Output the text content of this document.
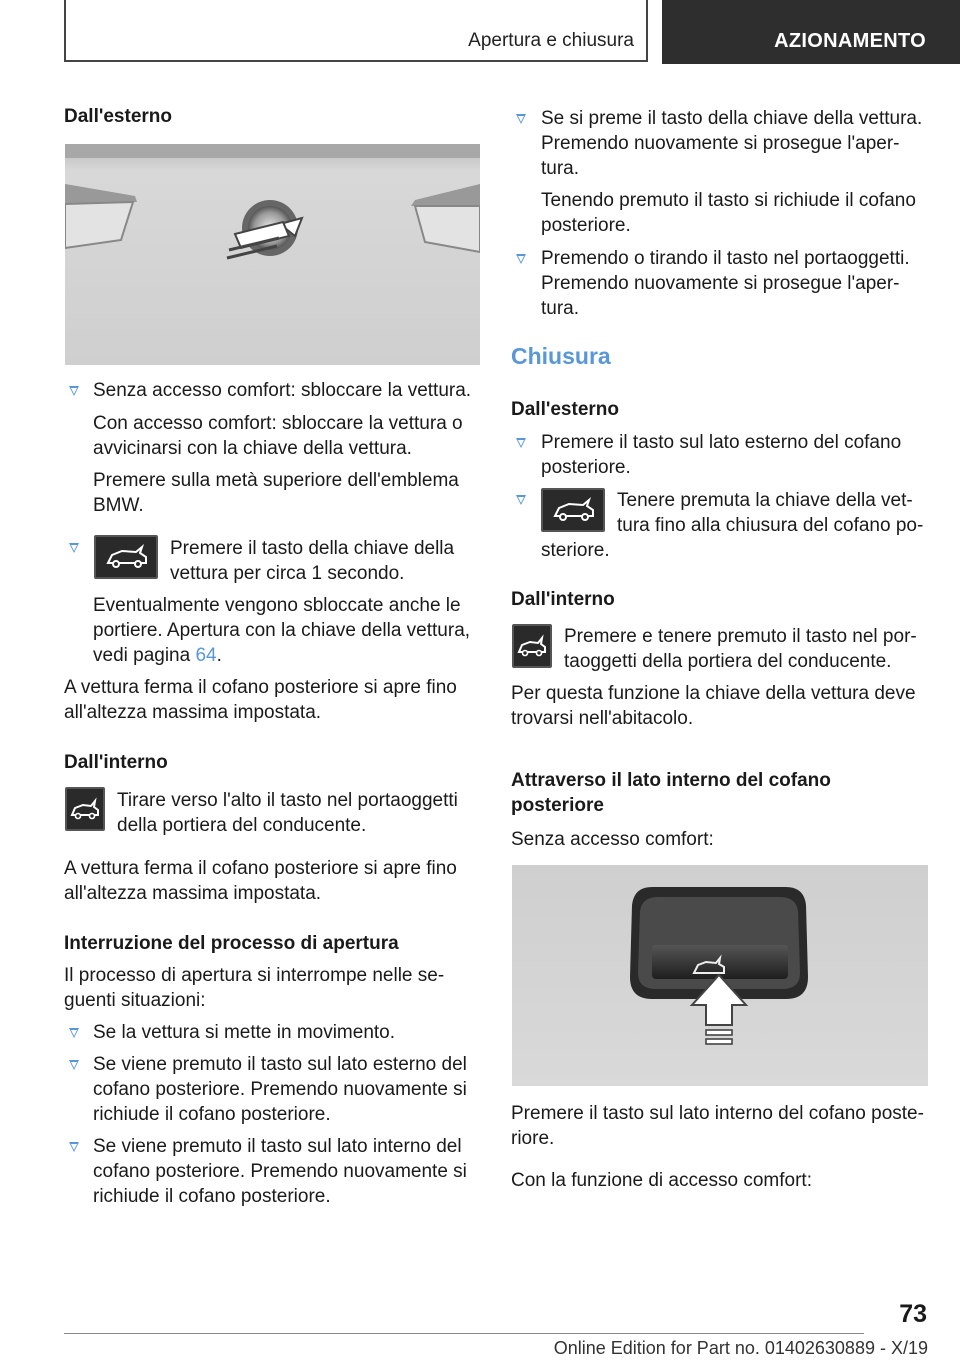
Apertura e chiusura	AZIONAMENTO
Dall'esterno
Senza accesso comfort: sbloccare la vettura.
Con accesso comfort: sbloccare la vettura o
avvicinarsi con la chiave della vettura.
Premere sulla metà superiore dell'emblema
BMW.
Premere il tasto della chiave della
vettura per circa 1 secondo.
Eventualmente vengono sbloccate anche le
portiere. Apertura con la chiave della vettura,
vedi pagina 64.
A vettura ferma il cofano posteriore si apre fino
all'altezza massima impostata.
Dall'interno
Tirare verso l'alto il tasto nel portaoggetti
della portiera del conducente.
A vettura ferma il cofano posteriore si apre fino
all'altezza massima impostata.
Interruzione del processo di apertura
Il processo di apertura si interrompe nelle se-
guenti situazioni:
Se la vettura si mette in movimento.
Se viene premuto il tasto sul lato esterno del
cofano posteriore. Premendo nuovamente si
richiude il cofano posteriore.
Se viene premuto il tasto sul lato interno del
cofano posteriore. Premendo nuovamente si
richiude il cofano posteriore.
Se si preme il tasto della chiave della vettura.
Premendo nuovamente si prosegue l'aper-
tura.
Tenendo premuto il tasto si richiude il cofano
posteriore.
Premendo o tirando il tasto nel portaoggetti.
Premendo nuovamente si prosegue l'aper-
tura.
Chiusura
Dall'esterno
Premere il tasto sul lato esterno del cofano
posteriore.
Tenere premuta la chiave della vet-
tura fino alla chiusura del cofano po-
steriore.
Dall'interno
Premere e tenere premuto il tasto nel por-
taoggetti della portiera del conducente.
Per questa funzione la chiave della vettura deve
trovarsi nell'abitacolo.
Attraverso il lato interno del cofano
posteriore
Senza accesso comfort:
Premere il tasto sul lato interno del cofano poste-
riore.
Con la funzione di accesso comfort:
73
Online Edition for Part no. 01402630889 - X/19
